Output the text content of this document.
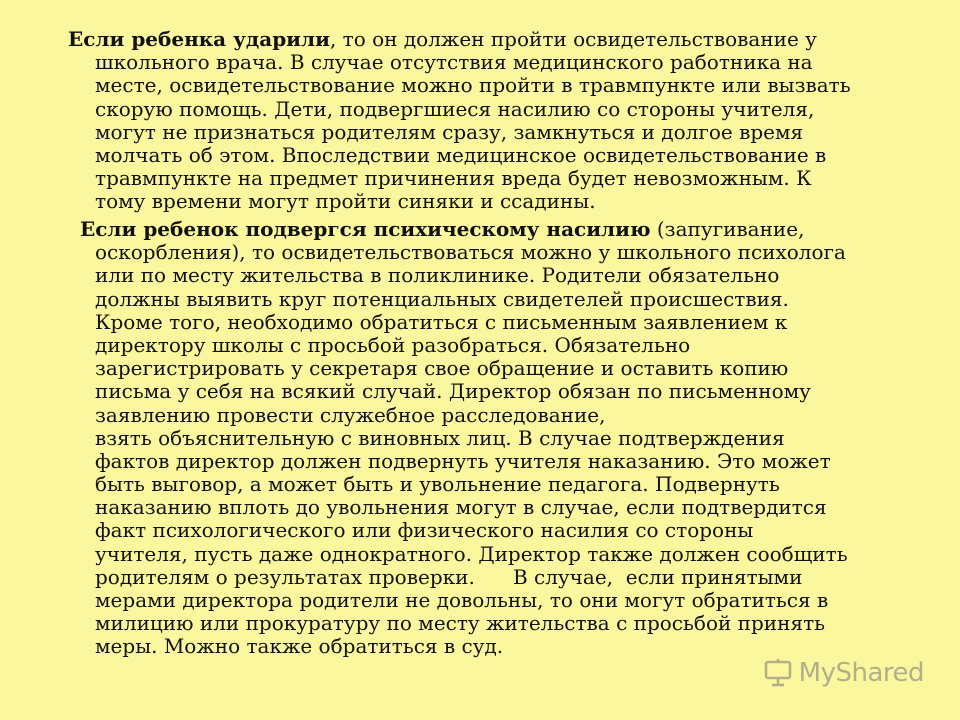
Если ребенка ударили, то он должен пройти освидетельствование у
школьного врача. В случае отсутствия медицинского работника на
месте, освидетельствование можно пройти в травмпункте или вызвать
скорую помощь. Дети, подвергшиеся насилию со стороны учителя,
могут не признаться родителям сразу, замкнуться и долгое время
молчать об этом. Впоследствии медицинское освидетельствование в
травмпункте на предмет причинения вреда будет невозможным. К
тому времени могут пройти синяки и ссадины.
Если ребенок подвергся психическому насилию (запугивание,
оскорбления), то освидетельствоваться можно у школьного психолога
или по месту жительства в поликлинике. Родители обязательно
должны выявить круг потенциальных свидетелей происшествия.
Кроме того, необходимо обратиться с письменным заявлением к
директору школы с просьбой разобраться. Обязательно
зарегистрировать у секретаря свое обращение и оставить копию
письма у себя на всякий случай. Директор обязан по письменному
заявлению провести служебное расследование,
взять объяснительную с виновных лиц. В случае подтверждения
фактов директор должен подвернуть учителя наказанию. Это может
быть выговор, а может быть и увольнение педагога. Подвернуть
наказанию вплоть до увольнения могут в случае, если подтвердится
факт психологического или физического насилия со стороны
учителя, пусть даже однократного. Директор также должен сообщить
родителям о результатах проверки.      В случае,  если принятыми
мерами директора родители не довольны, то они могут обратиться в
милицию или прокуратуру по месту жительства с просьбой принять
меры. Можно также обратиться в суд.
MyShared
